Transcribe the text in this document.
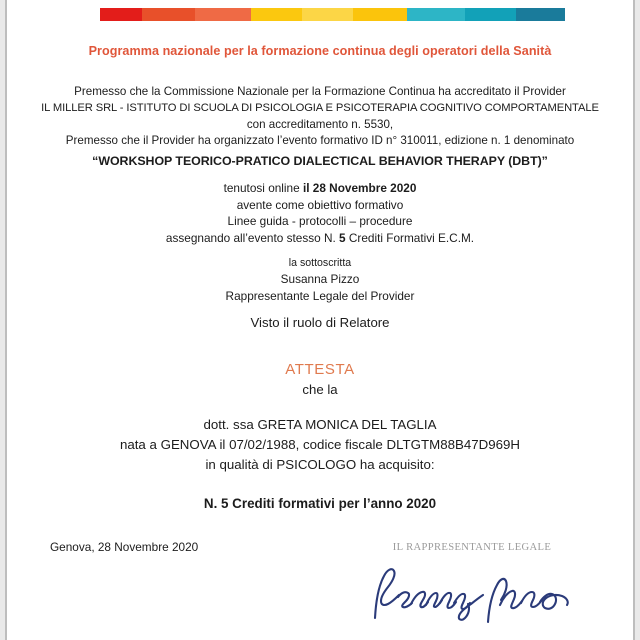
Programma nazionale per la formazione continua degli operatori della Sanità
Premesso che la Commissione Nazionale per la Formazione Continua ha accreditato il Provider
IL MILLER SRL - ISTITUTO DI SCUOLA DI PSICOLOGIA E PSICOTERAPIA COGNITIVO COMPORTAMENTALE
con accreditamento n. 5530,
Premesso che il Provider ha organizzato l’evento formativo ID n° 310011, edizione n. 1 denominato
“WORKSHOP TEORICO-PRATICO DIALECTICAL BEHAVIOR THERAPY (DBT)”
tenutosi online il 28 Novembre 2020
avente come obiettivo formativo
Linee guida - protocolli – procedure
assegnando all’evento stesso N. 5 Crediti Formativi E.C.M.
la sottoscritta
Susanna Pizzo
Rappresentante Legale del Provider
Visto il ruolo di Relatore
ATTESTA
che la
dott. ssa GRETA MONICA DEL TAGLIA
nata a GENOVA il 07/02/1988, codice fiscale DLTGTM88B47D969H
in qualità di PSICOLOGO ha acquisito:
N. 5 Crediti formativi per l’anno 2020
Genova, 28 Novembre 2020	IL RAPPRESENTANTE LEGALE
